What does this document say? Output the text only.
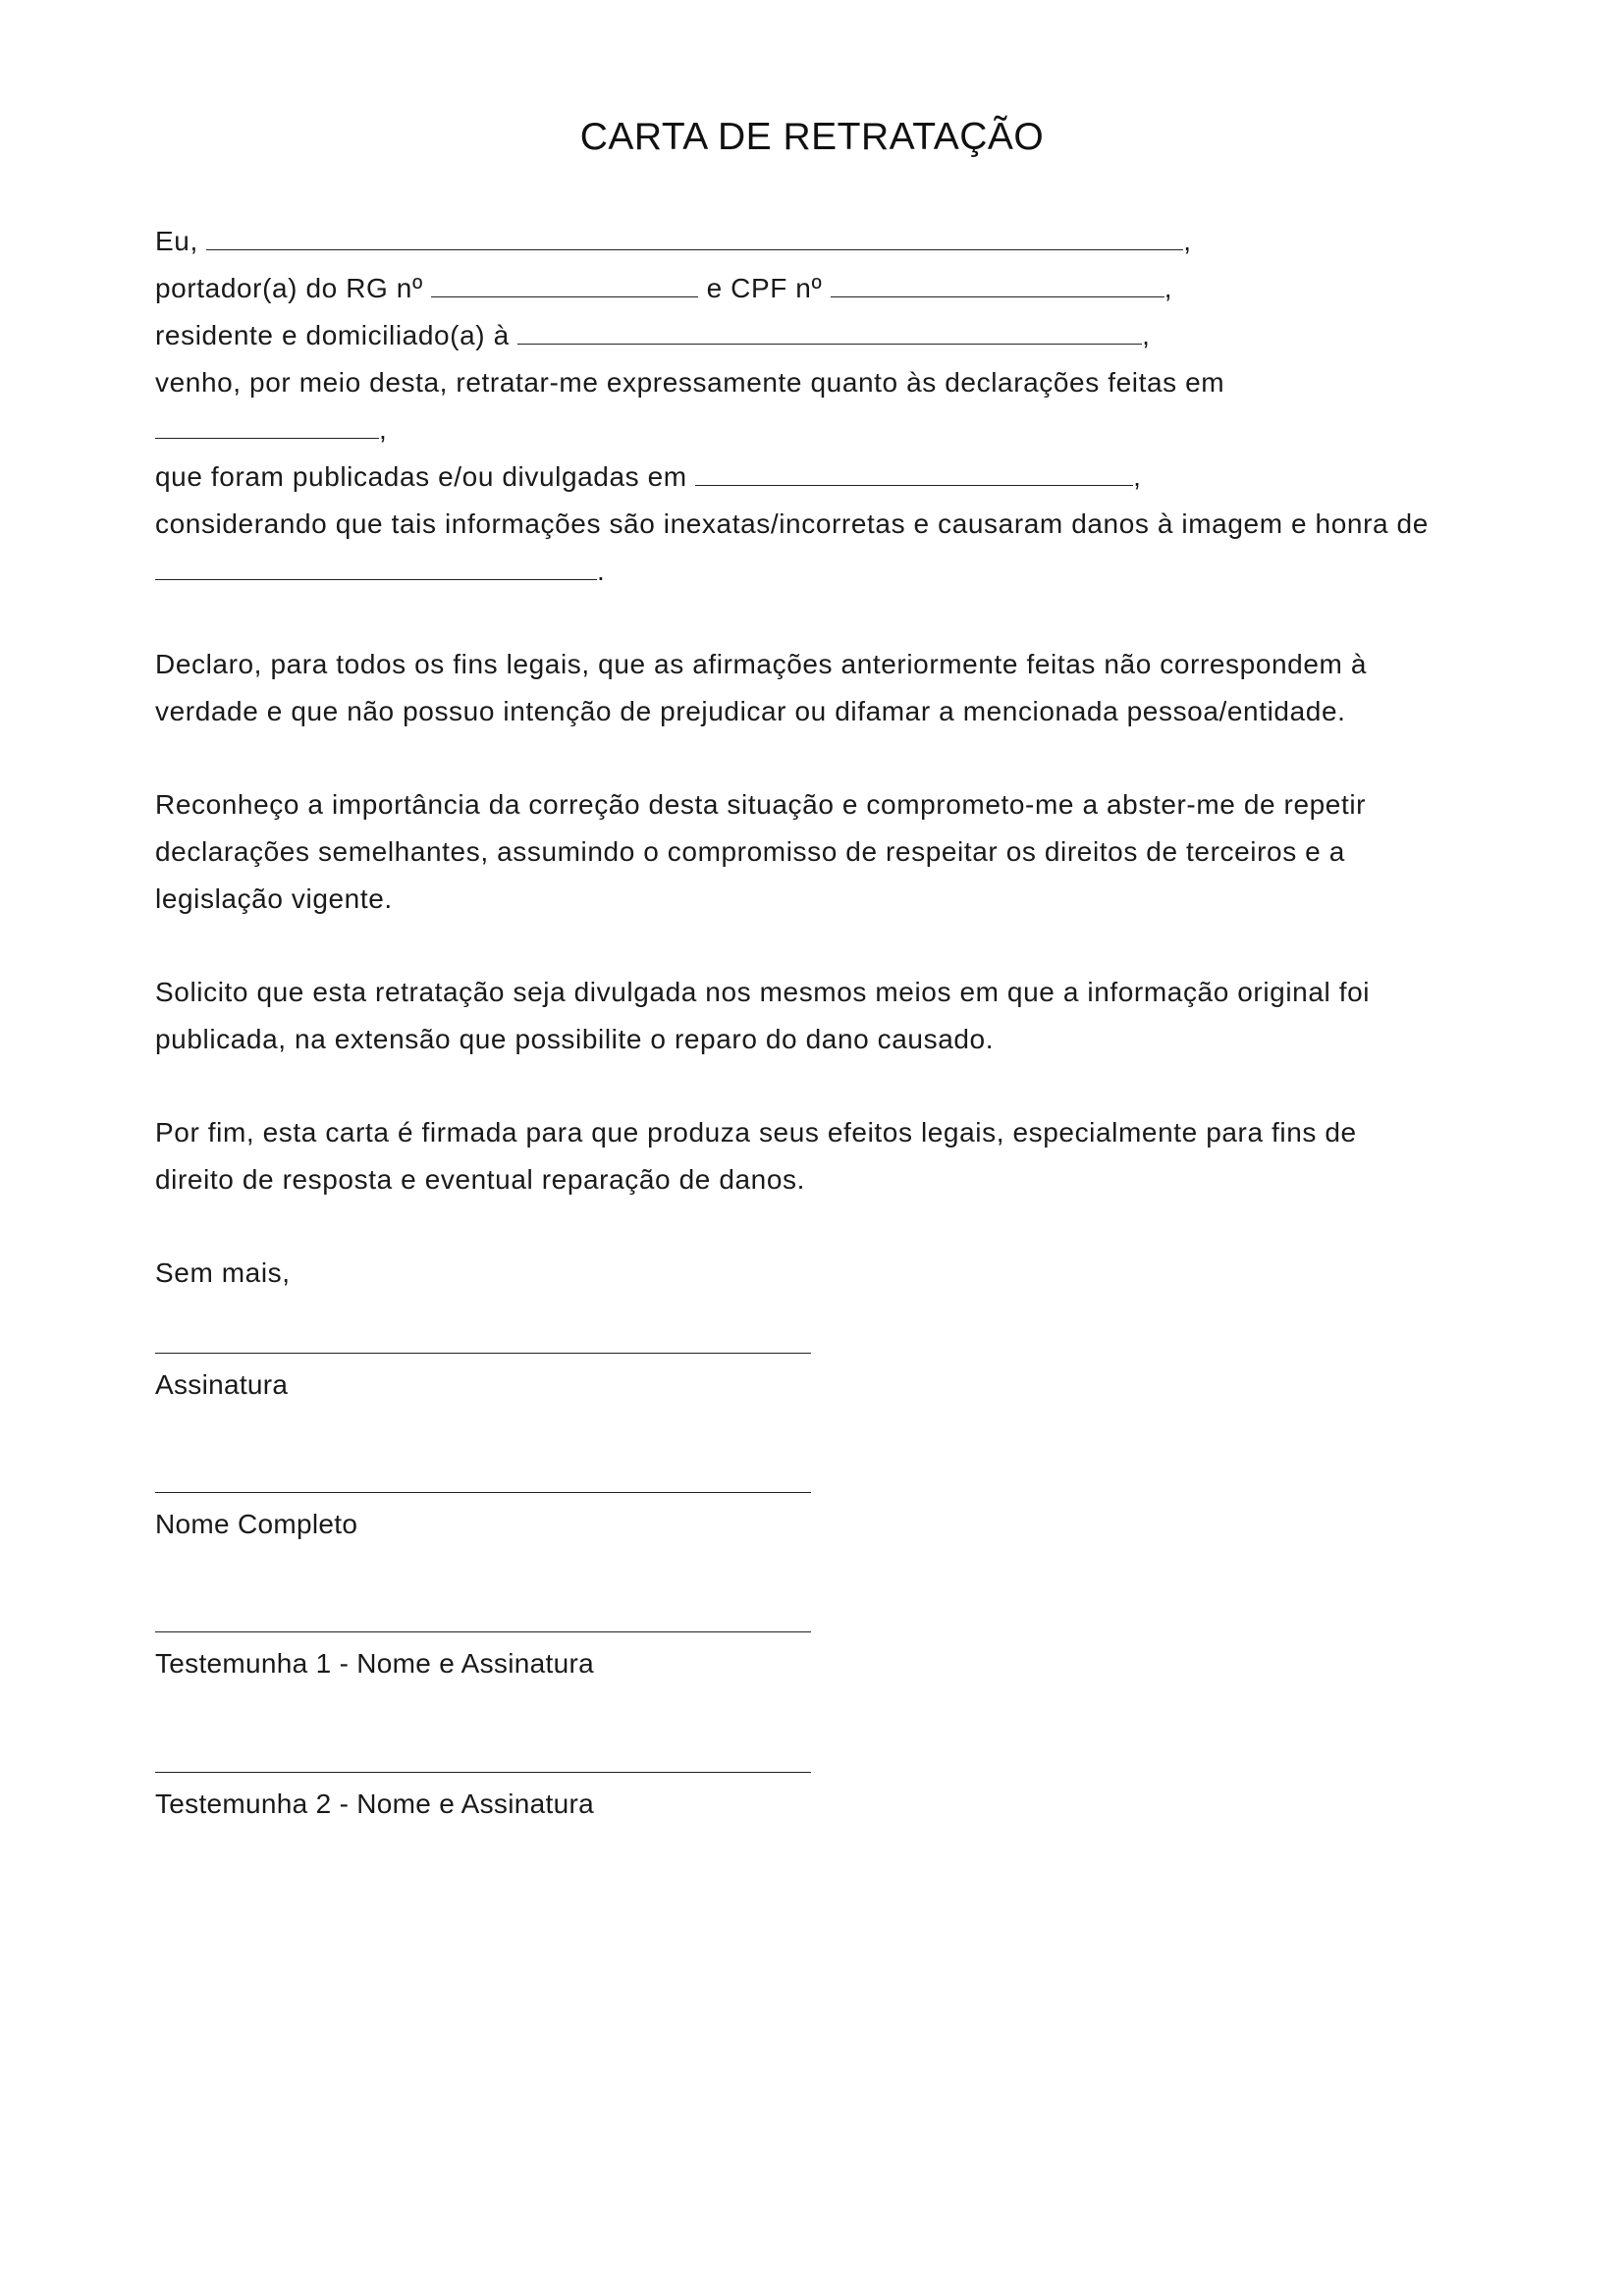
CARTA DE RETRATAÇÃO
Eu,	,
portador(a) do RG nº	e CPF nº	,
residente e domiciliado(a) à	,
venho, por meio desta, retratar-me expressamente quanto às declarações feitas em
,
que foram publicadas e/ou divulgadas em	,
considerando que tais informações são inexatas/incorretas e causaram danos à imagem e honra de
.
Declaro, para todos os fins legais, que as afirmações anteriormente feitas não correspondem à
verdade e que não possuo intenção de prejudicar ou difamar a mencionada pessoa/entidade.
Reconheço a importância da correção desta situação e comprometo-me a abster-me de repetir
declarações semelhantes, assumindo o compromisso de respeitar os direitos de terceiros e a
legislação vigente.
Solicito que esta retratação seja divulgada nos mesmos meios em que a informação original foi
publicada, na extensão que possibilite o reparo do dano causado.
Por fim, esta carta é firmada para que produza seus efeitos legais, especialmente para fins de
direito de resposta e eventual reparação de danos.
Sem mais,
Assinatura
Nome Completo
Testemunha 1 - Nome e Assinatura
Testemunha 2 - Nome e Assinatura
